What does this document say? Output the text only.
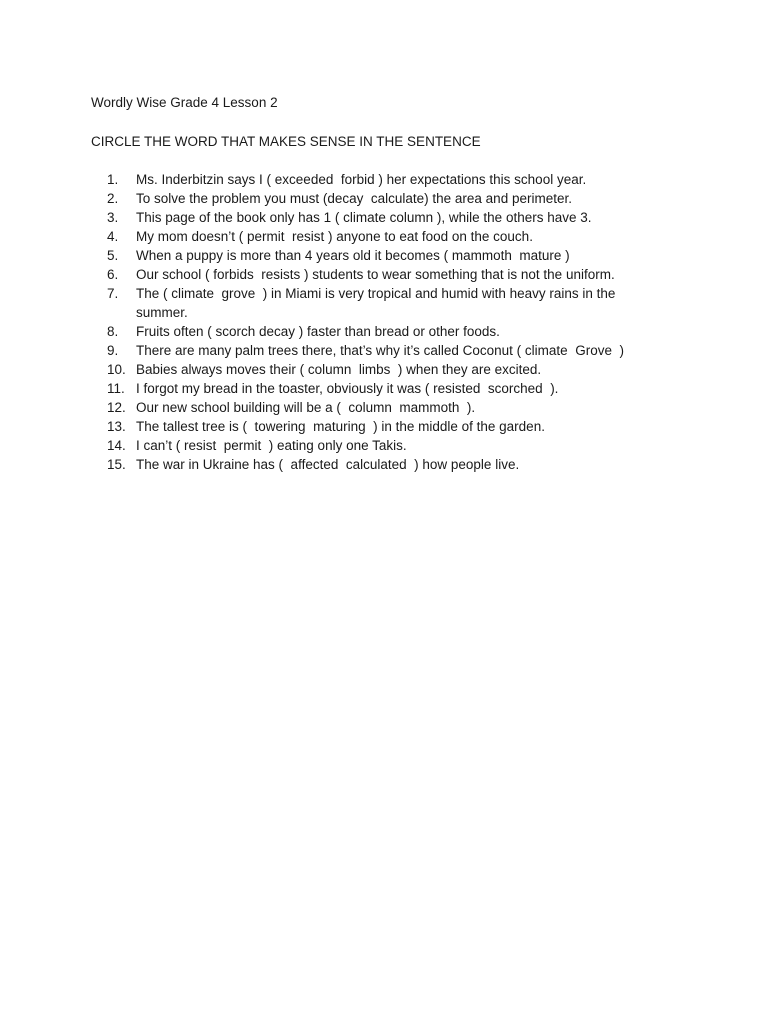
Wordly Wise Grade 4 Lesson 2

CIRCLE THE WORD THAT MAKES SENSE IN THE SENTENCE

1.	Ms. Inderbitzin says I ( exceeded  forbid ) her expectations this school year.
2.	To solve the problem you must (decay  calculate) the area and perimeter.
3.	This page of the book only has 1 ( climate column ), while the others have 3.
4.	My mom doesn’t ( permit  resist ) anyone to eat food on the couch.
5.	When a puppy is more than 4 years old it becomes ( mammoth  mature )
6.	Our school ( forbids  resists ) students to wear something that is not the uniform.
7.	The ( climate  grove  ) in Miami is very tropical and humid with heavy rains in the summer.
8.	Fruits often ( scorch decay ) faster than bread or other foods.
9.	There are many palm trees there, that’s why it’s called Coconut ( climate  Grove  )
10. Babies always moves their ( column  limbs  ) when they are excited.
11. I forgot my bread in the toaster, obviously it was ( resisted  scorched  ).
12. Our new school building will be a (  column  mammoth  ).
13. The tallest tree is (  towering  maturing  ) in the middle of the garden.
14. I can’t ( resist  permit  ) eating only one Takis.
15. The war in Ukraine has (  affected  calculated  ) how people live.
